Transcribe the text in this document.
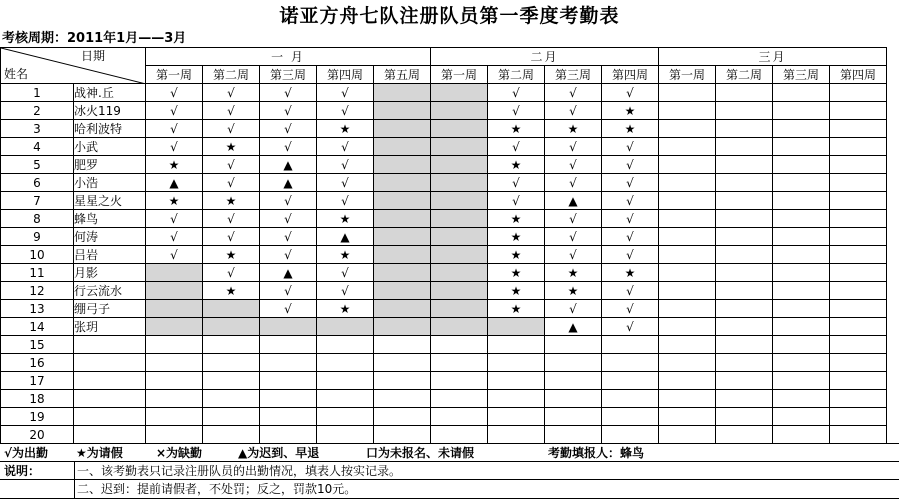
诺亚方舟七队注册队员第一季度考勤表
考核周期：2011年1月——3月
日期
姓名		一 月					二月				三月			
		第一周	第二周	第三周	第四周	第五周	第一周	第二周	第三周	第四周	第一周	第二周	第三周	第四周
1	战神.丘	√	√	√	√			√	√	√				
2	冰火119	√	√	√	√			√	√	★				
3	哈利波特	√	√	√	★			★	★	★				
4	小武	√	★	√	√			√	√	√				
5	肥罗	★	√	▲	√			★	√	√				
6	小浩	▲	√	▲	√			√	√	√				
7	星星之火	★	★	√	√			√	▲	√				
8	蜂鸟	√	√	√	★			★	√	√				
9	何涛	√	√	√	▲			★	√	√				
10	吕岩	√	★	√	★			★	√	√				
11	月影		√	▲	√			★	★	★				
12	行云流水		★	√	√			★	★	√				
13	绷弓子			√	★			★	√	√				
14	张玥								▲	√				
15														
16														
17														
18														
19														
20														
√为出勤 ★为请假	×为缺勤	▲为迟到、早退	口为未报名、未请假	考勤填报人：蜂鸟
说明：	一、该考勤表只记录注册队员的出勤情况，填表人按实记录。
二、迟到：提前请假者，不处罚；反之，罚款10元。
